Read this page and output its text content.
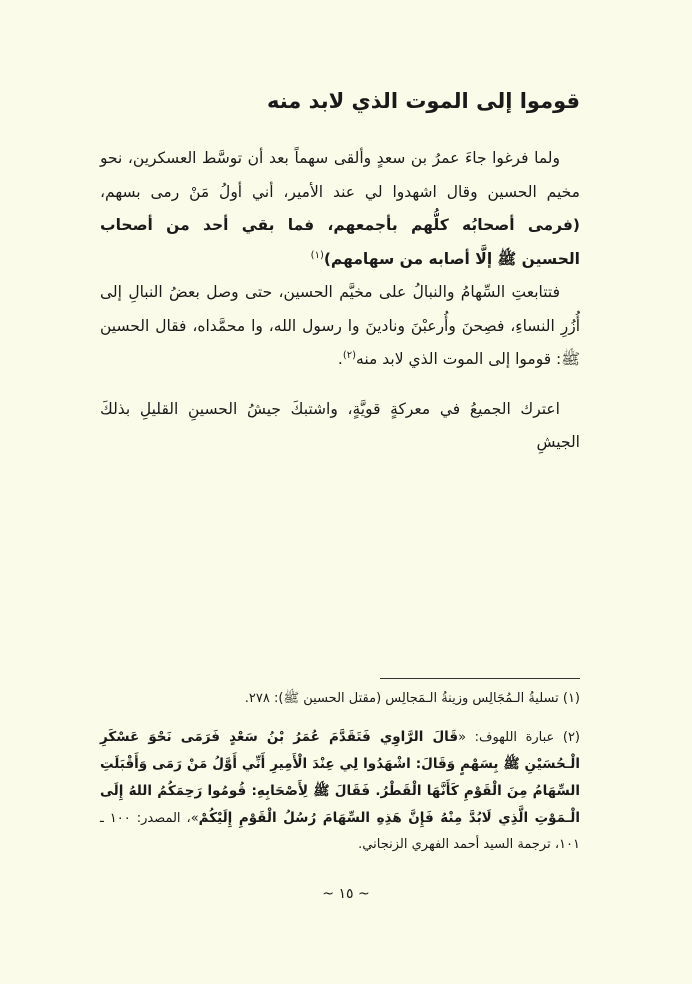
قوموا إلى الموت الذي لابد منه

ولما فرغوا جاءَ عمرُ بن سعدٍ وألقى سهماً بعد أن توسَّط العسكرين، نحو مخيم الحسين وقال اشهدوا لي عند الأمير، أني أولُ مَنْ رمى بسهم، (فرمى أصحابُه كلُّهم بأجمعهم، فما بقي أحد من أصحاب الحسين ﷺ إلَّا أصابه من سهامهم)$^{(١)}$

فتتابعتِ السِّهامُ والنبالُ على مخيَّم الحسين، حتى وصل بعضُ النبالِ إلى أُزُرِ النساءِ، فصِحنَ وأُرعبْنَ ونادينَ وا رسول الله، وا محمَّداه، فقال الحسين ﷺ: قوموا إلى الموت الذي لابد منه$^{(٢)}$.

اعترك الجميعُ في معركةٍ قويَّةٍ، واشتبكَ جيشُ الحسينِ القليلِ بذلكَ الجيشِ

(١) تسليةُ الـمُجَالِس وزينةُ الـمَجالِس (مقتل الحسين ﷺ): ٢٧٨.

(٢) عبارة اللهوف: «قَالَ الرَّاوِي فَتَقَدَّمَ عُمَرُ بْنُ سَعْدٍ فَرَمَى نَحْوَ عَسْكَرِ الْـحُسَيْنِ ﷺ بِسَهْمٍ وَقَالَ: اشْهَدُوا لِي عِنْدَ الْأَمِيرِ أَنِّي أَوَّلُ مَنْ رَمَى وَأَقْبَلَتِ السِّهَامُ مِنَ الْقَوْمِ كَأَنَّهَا الْقَطْرُ. فَقَالَ ﷺ لِأَصْحَابِهِ: قُومُوا رَحِمَكُمُ اللهُ إِلَى الْـمَوْتِ الَّذِي لَابُدَّ مِنْهُ فَإِنَّ هَذِهِ السِّهَامَ رُسُلُ الْقَوْمِ إِلَيْكُمْ»، المصدر: ١٠٠ ـ ١٠١، ترجمة السيد أحمد الفهري الزنجاني.

~ ١٥ ~
